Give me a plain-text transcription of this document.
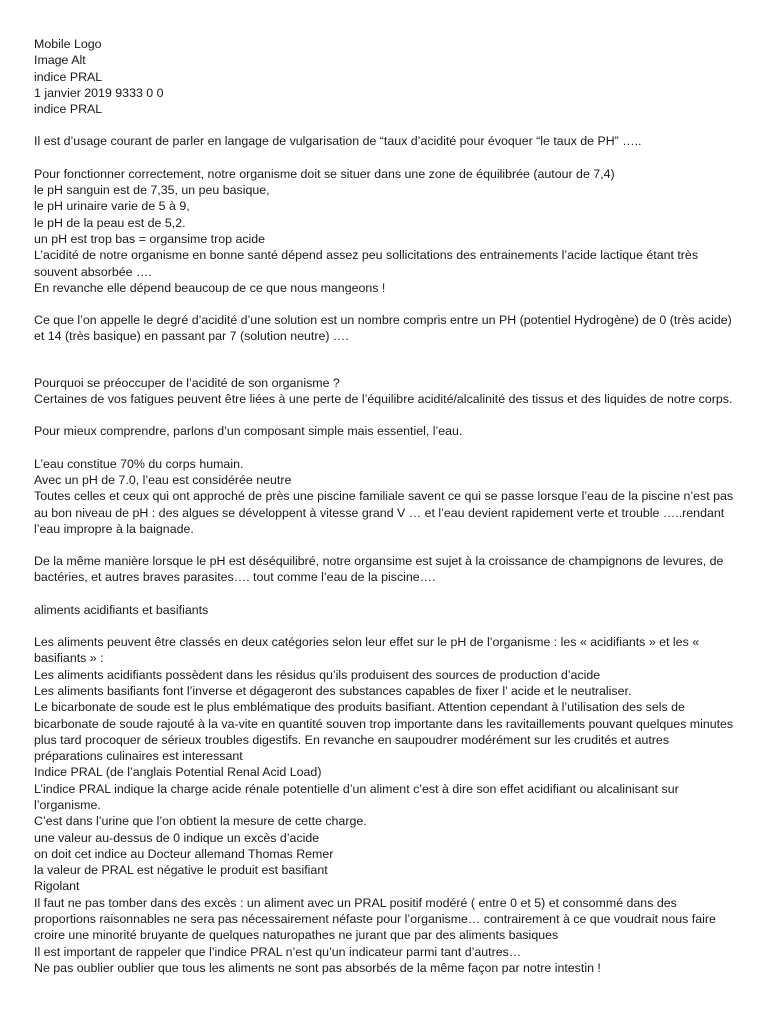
Mobile Logo
Image Alt
indice PRAL
1 janvier 2019 9333 0 0
indice PRAL
Il est d’usage courant de parler en langage de vulgarisation de “taux d’acidité pour évoquer “le taux de PH” …..
Pour fonctionner correctement, notre organisme doit se situer dans une zone de équilibrée (autour de 7,4)
le pH sanguin est de 7,35, un peu basique,
le pH urinaire varie de 5 à 9,
le pH de la peau est de 5,2.
un pH est trop bas = organsime trop acide
L’acidité de notre organisme en bonne santé dépend assez peu sollicitations des entrainements l’acide lactique étant très souvent absorbée ….
En revanche elle dépend beaucoup de ce que nous mangeons !
Ce que l’on appelle le degré d’acidité d’une solution est un nombre compris entre un PH (potentiel Hydrogène) de 0 (très acide) et 14 (très basique) en passant par 7 (solution neutre) ….
Pourquoi se préoccuper de l’acidité de son organisme ?
Certaines de vos fatigues peuvent être liées à une perte de l’équilibre acidité/alcalinité des tissus et des liquides de notre corps.
Pour mieux comprendre, parlons d’un composant simple mais essentiel, l’eau.
L’eau constitue 70% du corps humain.
Avec un pH de 7.0, l’eau est considérée neutre
Toutes celles et ceux qui ont approché de près une piscine familiale savent ce qui se passe lorsque l’eau de la piscine n’est pas au bon niveau de pH : des algues se développent à vitesse grand V … et l’eau devient rapidement verte et trouble …..rendant l’eau impropre à la baignade.
De la même manière lorsque le pH est déséquilibré, notre organsime est sujet à la croissance de champignons de levures, de bactéries, et autres braves parasites…. tout comme l’eau de la piscine….
aliments acidifiants et basifiants
Les aliments peuvent être classés en deux catégories selon leur effet sur le pH de l’organisme : les « acidifiants » et les « basifiants » :
Les aliments acidifiants possèdent dans les résidus qu’ils produisent des sources de production d’acide
Les aliments basifiants font l’inverse et dégageront des substances capables de fixer l’ acide et le neutraliser.
Le bicarbonate de soude est le plus emblématique des produits basifiant. Attention cependant à l’utilisation des sels de bicarbonate de soude rajouté à la va-vite en quantité souven trop importante dans les ravitaillements pouvant quelques minutes plus tard procoquer de sérieux troubles digestifs. En revanche en saupoudrer modérément sur les crudités et autres préparations culinaires est interessant
Indice PRAL (de l’anglais Potential Renal Acid Load)
L’indice PRAL indique la charge acide rénale potentielle d’un aliment c’est à dire son effet acidifiant ou alcalinisant sur l’organisme.
C’est dans l’urine que l’on obtient la mesure de cette charge.
une valeur au-dessus de 0 indique un excès d’acide
on doit cet indice au Docteur allemand Thomas Remer
la valeur de PRAL est négative le produit est basifiant
Rigolant
Il faut ne pas tomber dans des excès : un aliment avec un PRAL positif modéré ( entre 0 et 5) et consommé dans des proportions raisonnables ne sera pas nécessairement néfaste pour l’organisme… contrairement à ce que voudrait nous faire croire une minorité bruyante de quelques naturopathes ne jurant que par des aliments basiques
Il est important de rappeler que l’indice PRAL n’est qu’un indicateur parmi tant d’autres…
Ne pas oublier oublier que tous les aliments ne sont pas absorbés de la même façon par notre intestin !
